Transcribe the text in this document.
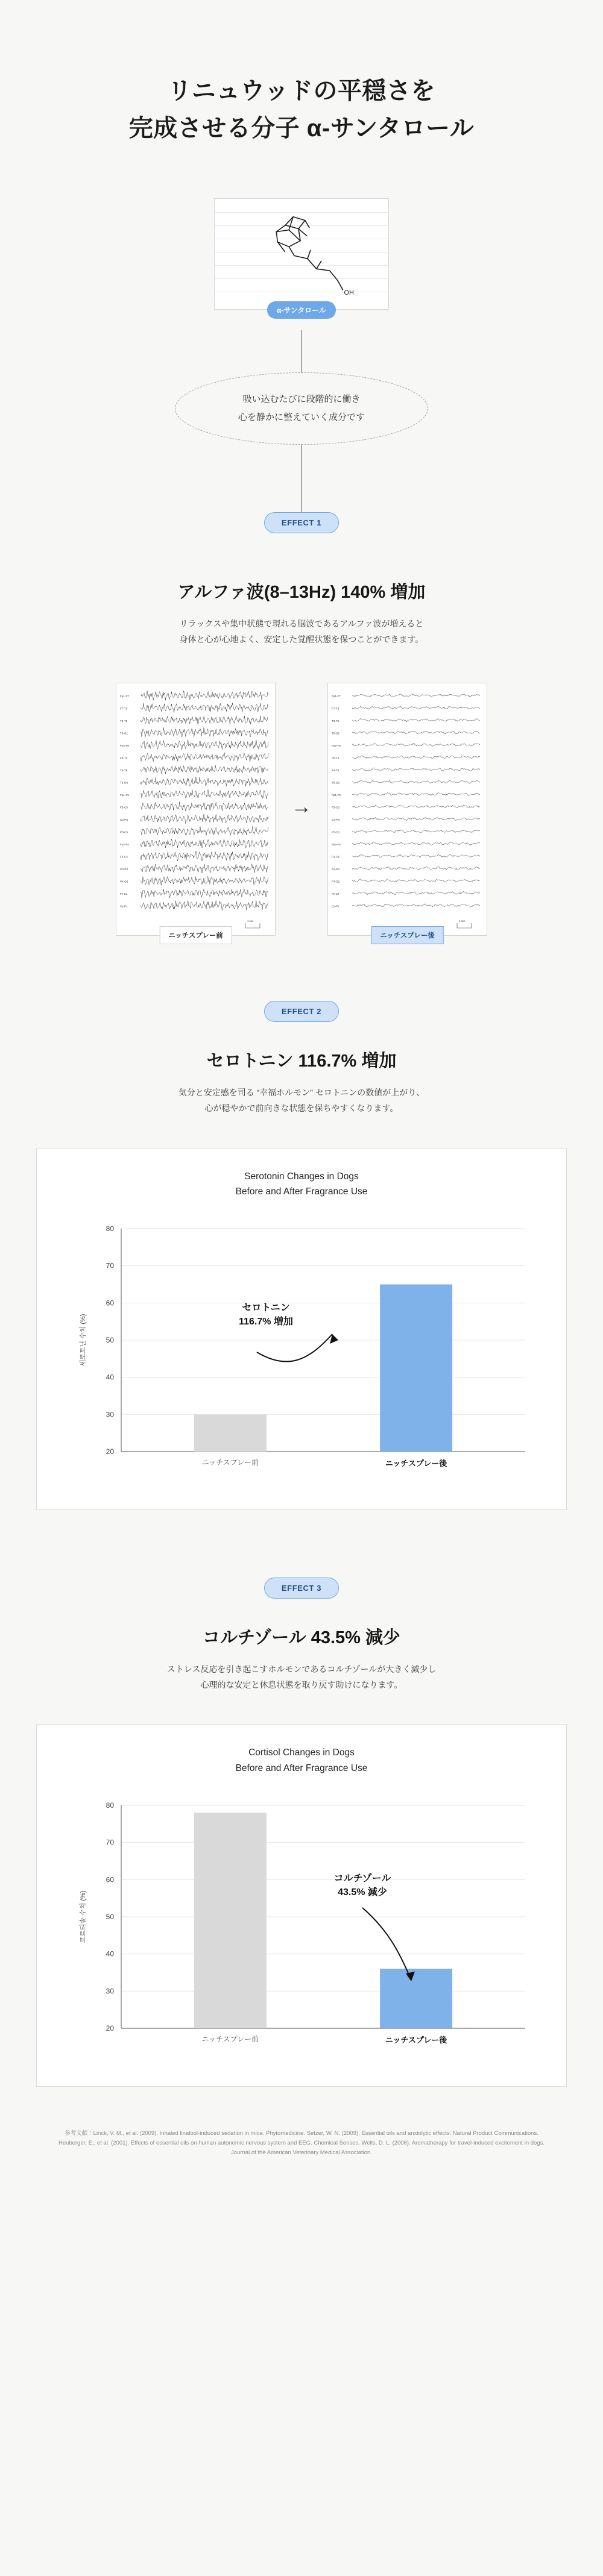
リニュウッドの平穏さを
完成させる分子 α-サンタロール
OH
α-サンタロール
吸い込むたびに段階的に働き
心を静かに整えていく成分です
EFFECT 1
アルファ波(8–13Hz) 140% 増加
リラックスや集中状態で現れる脳波であるアルファ波が増えると
身体と心が心地よく、安定した覚醒状態を保つことができます。
Fp1-F7
F7-T3
T3-T5
T5-O1
Fp2-F8
F8-T4
T4-T6
T6-O2
Fp1-F3
F3-C3
C3-P3
P3-O1
Fp2-F4
F4-C4
C4-P4
P4-O2
Fz-Cz
Cz-Pz
1 sec
ニッチスプレー前
→
Fp1-F7
F7-T3
T3-T5
T5-O1
Fp2-F8
F8-T4
T4-T6
T6-O2
Fp1-F3
F3-C3
C3-P3
P3-O1
Fp2-F4
F4-C4
C4-P4
P4-O2
Fz-Cz
Cz-Pz
1 sec
ニッチスプレー後
EFFECT 2
セロトニン 116.7% 増加
気分と安定感を司る “幸福ホルモン” セロトニンの数値が上がり、
心が穏やかで前向きな状態を保ちやすくなります。
Serotonin Changes in Dogs
Before and After Fragrance Use
20
30
40
50
60
70
80
세로토닌 수치 (%)
ニッチスプレー前	ニッチスプレー後
セロトニン
116.7% 増加
EFFECT 3
コルチゾール 43.5% 減少
ストレス反応を引き起こすホルモンであるコルチゾールが大きく減少し
心理的な安定と休息状態を取り戻す助けになります。
Cortisol Changes in Dogs
Before and After Fragrance Use
20
30
40
50
60
70
80
코르티솔 수치 (%)
ニッチスプレー前	ニッチスプレー後
コルチゾール
43.5% 減少
参考文献：Linck, V. M., et al. (2009). Inhaled linalool-induced sedation in mice. Phytomedicine. Setzer, W. N. (2009). Essential oils and anxiolytic effects. Natural Product Communications. Heuberger, E., et al. (2001). Effects of essential oils on human autonomic nervous system and EEG. Chemical Senses. Wells, D. L. (2006). Aromatherapy for travel-induced excitement in dogs. Journal of the American Veterinary Medical Association.
